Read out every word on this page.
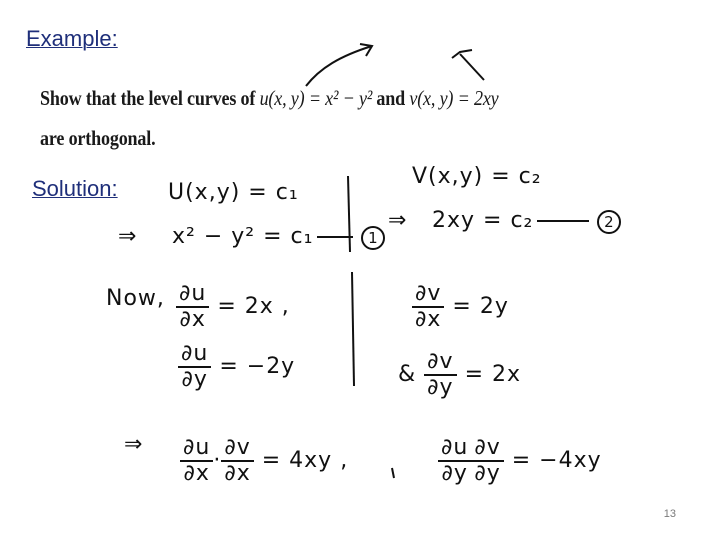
Example:
Show that the level curves of u(x, y) = x² − y² and v(x, y) = 2xy
are orthogonal.
Solution: U(x,y) = c₁
⇒ x² − y² = c₁	1
V(x,y) = c₂
⇒ 2xy = c₂	2
Now, $\frac{\partial u}{\partial x} = 2x$ ,
$\frac{\partial u}{\partial y} = -2y$
$\frac{\partial v}{\partial x} = 2y$
& $\frac{\partial v}{\partial y} = 2x$
⇒ $\frac{\partial u}{\partial x} \cdot \frac{\partial v}{\partial x} = 4xy$ ,	$\frac{\partial u}{\partial y} \frac{\partial v}{\partial y} = -4xy$
13
